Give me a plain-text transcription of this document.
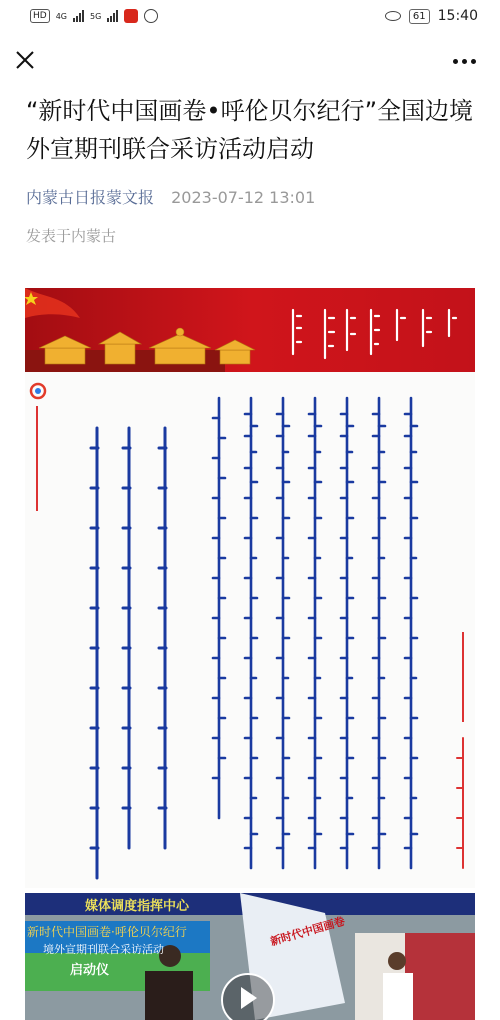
HD	4G	5G	61 15:40
“新时代中国画卷•呼伦贝尔纪行”全国边境外宣期刊联合采访活动启动
内蒙古日报蒙文报 2023-07-12 13:01
发表于内蒙古
媒体调度指挥中心
新时代中国画卷·呼伦贝尔纪行
境外宣期刊联合采访活动
启动仪
新时代中国画卷
